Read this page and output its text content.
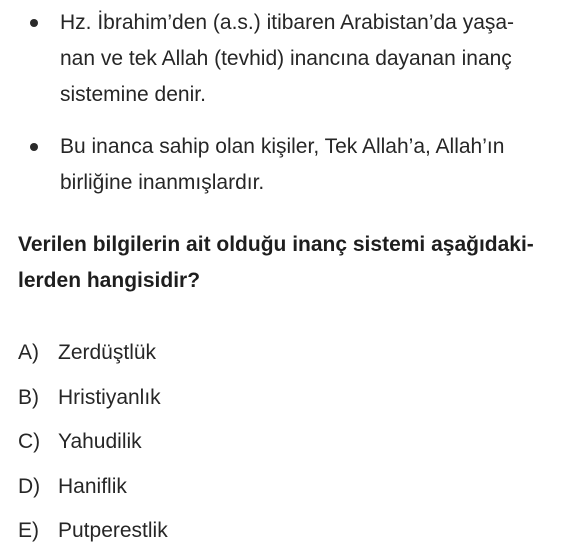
Hz. İbrahim’den (a.s.) itibaren Arabistan’da yaşa-
nan ve tek Allah (tevhid) inancına dayanan inanç
sistemine denir.
Bu inanca sahip olan kişiler, Tek Allah’a, Allah’ın
birliğine inanmışlardır.
Verilen bilgilerin ait olduğu inanç sistemi aşağıdaki-
lerden hangisidir?
A) Zerdüştlük
B) Hristiyanlık
C) Yahudilik
D) Haniflik
E) Putperestlik
